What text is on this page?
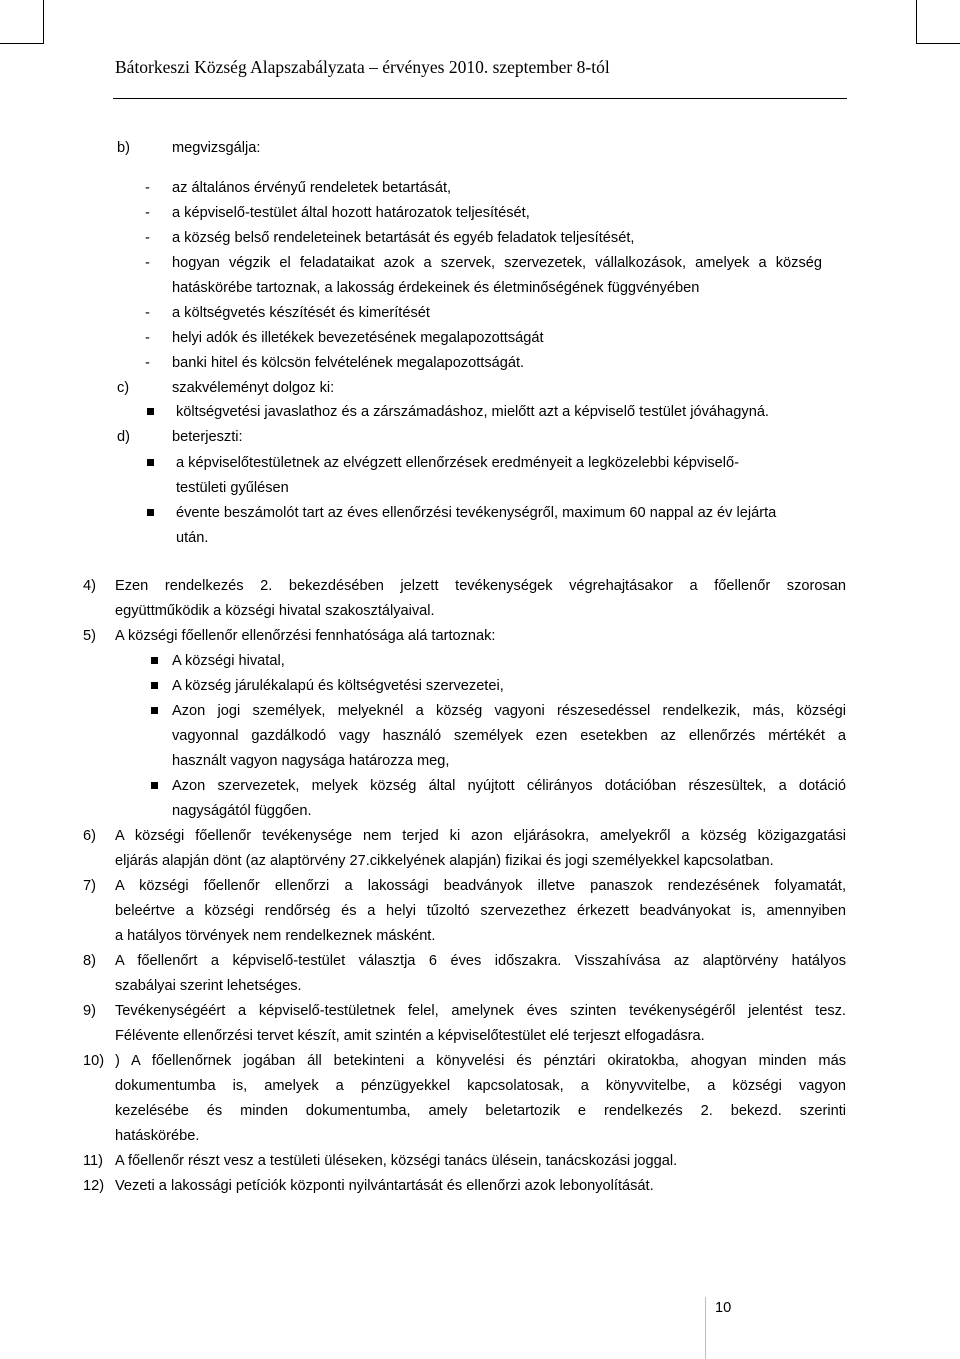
Bátorkeszi Község Alapszabályzata – érvényes 2010. szeptember 8-tól
b)	megvizsgálja:
- az általános érvényű rendeletek betartását,
- a képviselő-testület által hozott határozatok teljesítését,
- a község belső rendeleteinek betartását és egyéb feladatok teljesítését,
- hogyan végzik el feladataikat azok a szervek, szervezetek, vállalkozások, amelyek a község
hatáskörébe tartoznak, a lakosság érdekeinek és életminőségének függvényében
- a költségvetés készítését és kimerítését
- helyi adók és illetékek bevezetésének megalapozottságát
- banki hitel és kölcsön felvételének megalapozottságát.
c)	szakvéleményt dolgoz ki:
költségvetési javaslathoz és a zárszámadáshoz, mielőtt azt a képviselő testület jóváhagyná.
d)	beterjeszti:
a képviselőtestületnek az elvégzett ellenőrzések eredményeit a legközelebbi képviselő-
testületi gyűlésen
évente beszámolót tart az éves ellenőrzési tevékenységről, maximum 60 nappal az év lejárta
után.
4) Ezen rendelkezés 2. bekezdésében jelzett tevékenységek végrehajtásakor a főellenőr szorosan
együttműködik a községi hivatal szakosztályaival.
5) A községi főellenőr ellenőrzési fennhatósága alá tartoznak:
A községi hivatal,
A község járulékalapú és költségvetési szervezetei,
Azon jogi személyek, melyeknél a község vagyoni részesedéssel rendelkezik, más, községi
vagyonnal gazdálkodó vagy használó személyek ezen esetekben az ellenőrzés mértékét a
használt vagyon nagysága határozza meg,
Azon szervezetek, melyek község által nyújtott célirányos dotációban részesültek, a dotáció
nagyságától függően.
6) A községi főellenőr tevékenysége nem terjed ki azon eljárásokra, amelyekről a község közigazgatási
eljárás alapján dönt (az alaptörvény 27.cikkelyének alapján) fizikai és jogi személyekkel kapcsolatban.
7) A községi főellenőr ellenőrzi a lakossági beadványok illetve panaszok rendezésének folyamatát,
beleértve a községi rendőrség és a helyi tűzoltó szervezethez érkezett beadványokat is, amennyiben
a hatályos törvények nem rendelkeznek másként.
8) A főellenőrt a képviselő-testület választja 6 éves időszakra. Visszahívása az alaptörvény hatályos
szabályai szerint lehetséges.
9) Tevékenységéért a képviselő-testületnek felel, amelynek éves szinten tevékenységéről jelentést tesz.
Félévente ellenőrzési tervet készít, amit szintén a képviselőtestület elé terjeszt elfogadásra.
10) ) A főellenőrnek jogában áll betekinteni a könyvelési és pénztári okiratokba, ahogyan minden más
dokumentumba is, amelyek a pénzügyekkel kapcsolatosak, a könyvvitelbe, a községi vagyon
kezelésébe és minden dokumentumba, amely beletartozik e rendelkezés 2. bekezd. szerinti
hatáskörébe.
11) A főellenőr részt vesz a testületi üléseken, községi tanács ülésein, tanácskozási joggal.
12) Vezeti a lakossági petíciók központi nyilvántartását és ellenőrzi azok lebonyolítását.
10
